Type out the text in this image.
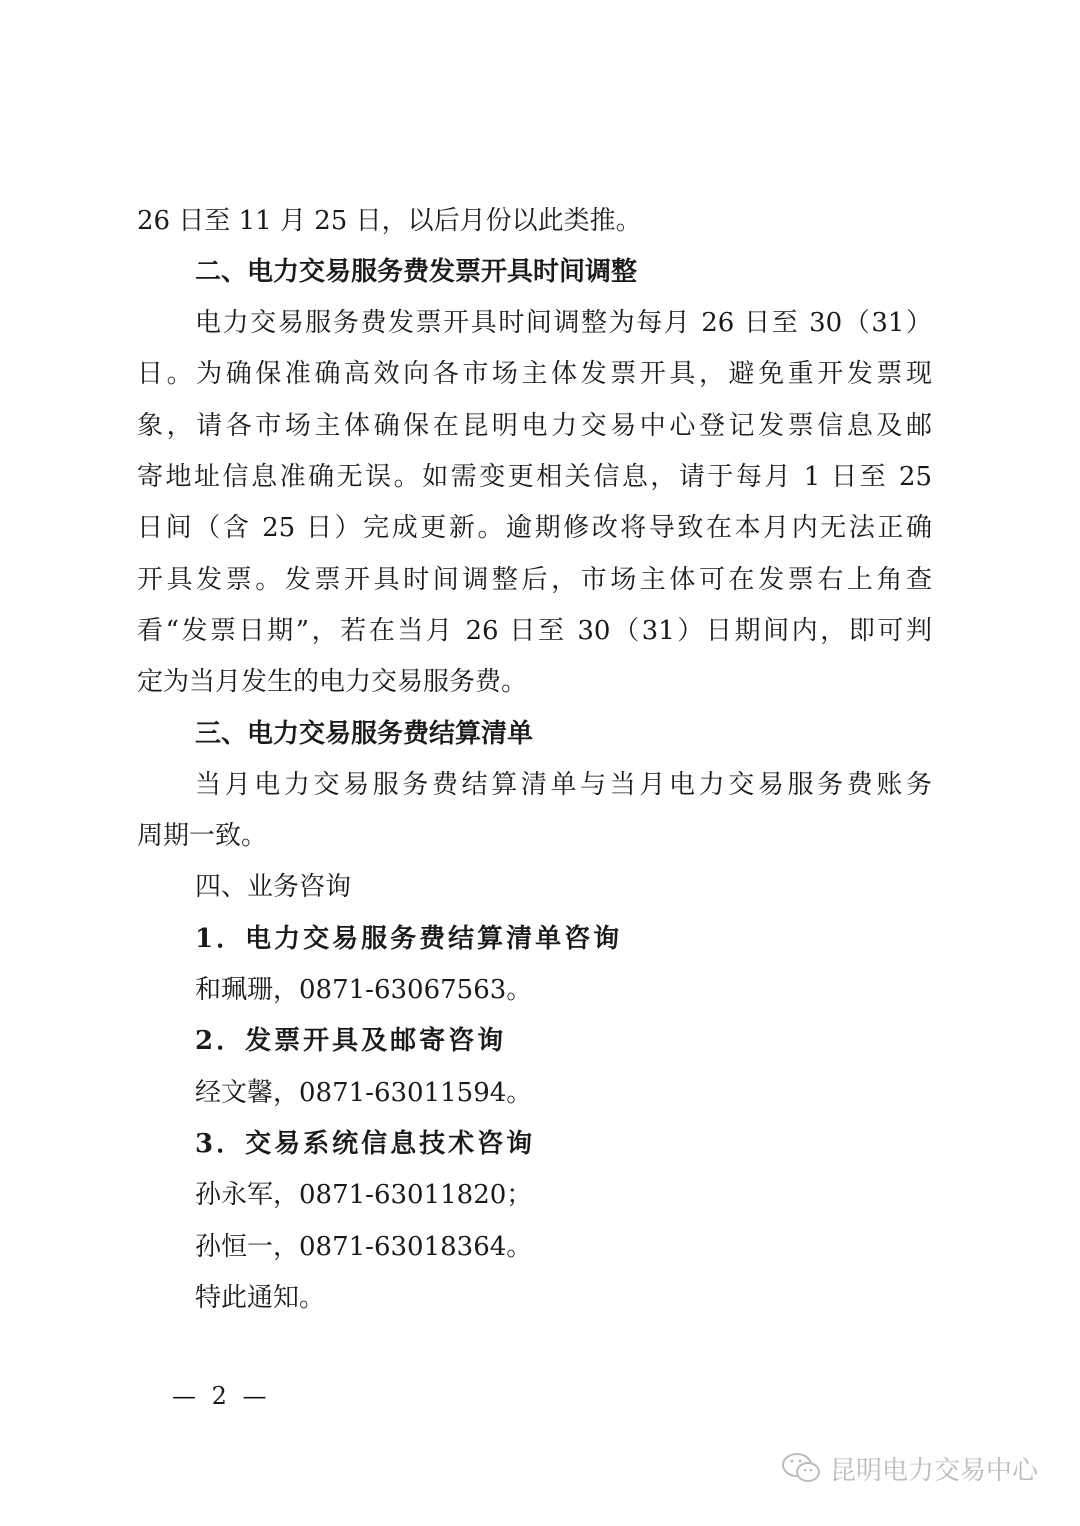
26 日至 11 月 25 日，以后月份以此类推。
二、电力交易服务费发票开具时间调整
电力交易服务费发票开具时间调整为每月 26 日至 30（31）
日。为确保准确高效向各市场主体发票开具，避免重开发票现
象，请各市场主体确保在昆明电力交易中心登记发票信息及邮
寄地址信息准确无误。如需变更相关信息，请于每月 1 日至 25
日间（含 25 日）完成更新。逾期修改将导致在本月内无法正确
开具发票。发票开具时间调整后，市场主体可在发票右上角查
看“发票日期”，若在当月 26 日至 30（31）日期间内，即可判
定为当月发生的电力交易服务费。
三、电力交易服务费结算清单
当月电力交易服务费结算清单与当月电力交易服务费账务
周期一致。
四、业务咨询
1．电力交易服务费结算清单咨询
和珮珊，0871-63067563。
2．发票开具及邮寄咨询
经文馨，0871-63011594。
3．交易系统信息技术咨询
孙永军，0871-63011820；
孙恒一，0871-63018364。
特此通知。
— 2 —
昆明电力交易中心
